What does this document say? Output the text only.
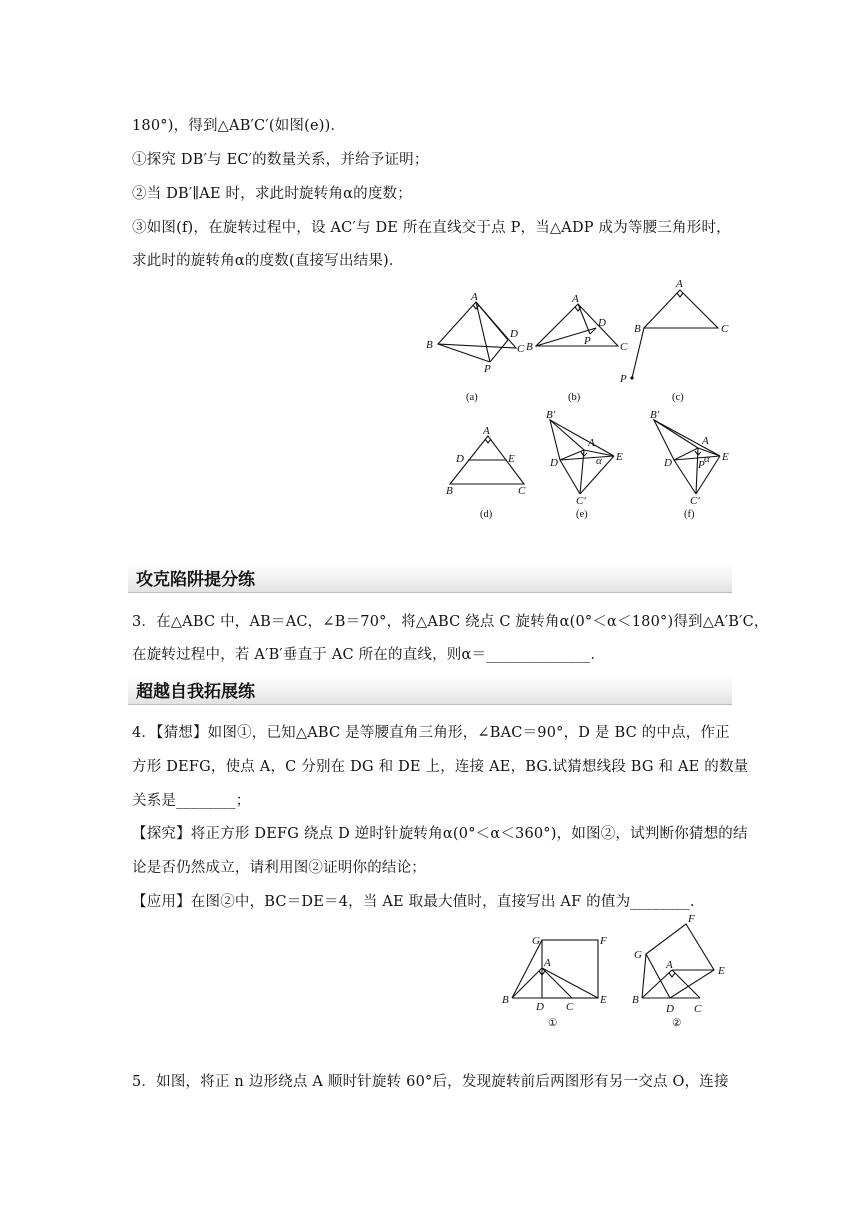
180°)，得到△AB′C′(如图(e))．
①探究 DB′与 EC′的数量关系，并给予证明；
②当 DB′∥AE 时，求此时旋转角α的度数；
③如图(f)，在旋转过程中，设 AC′与 DE 所在直线交于点 P，当△ADP 成为等腰三角形时，
求此时的旋转角α的度数(直接写出结果)．
A
B	C
D
P
(a)
A
B	C
D
P
(b)
A
B	C
P
(c)
A
D	E
B	C
(d)
B′
A
α
D	E
C′
(e)
B′
A
α
D P
E
C′
(f)
攻克陷阱提分练
3．在△ABC 中，AB＝AC，∠B＝70°，将△ABC 绕点 C 旋转角α(0°＜α＜180°)得到△A′B′C，
在旋转过程中，若 A′B′垂直于 AC 所在的直线，则α＝______________．
超越自我拓展练
4．【猜想】如图①，已知△ABC 是等腰直角三角形，∠BAC＝90°，D 是 BC 的中点，作正
方形 DEFG，使点 A，C 分别在 DG 和 DE 上，连接 AE，BG.试猜想线段 BG 和 AE 的数量
关系是________；
【探究】将正方形 DEFG 绕点 D 逆时针旋转角α(0°＜α＜360°)，如图②，试判断你猜想的结
论是否仍然成立，请利用图②证明你的结论；
【应用】在图②中，BC＝DE＝4，当 AE 取最大值时，直接写出 AF 的值为________．
G	F
A
B
D C
E
①
G
F
A	E
B
D C
②
5．如图，将正 n 边形绕点 A 顺时针旋转 60°后，发现旋转前后两图形有另一交点 O，连接
